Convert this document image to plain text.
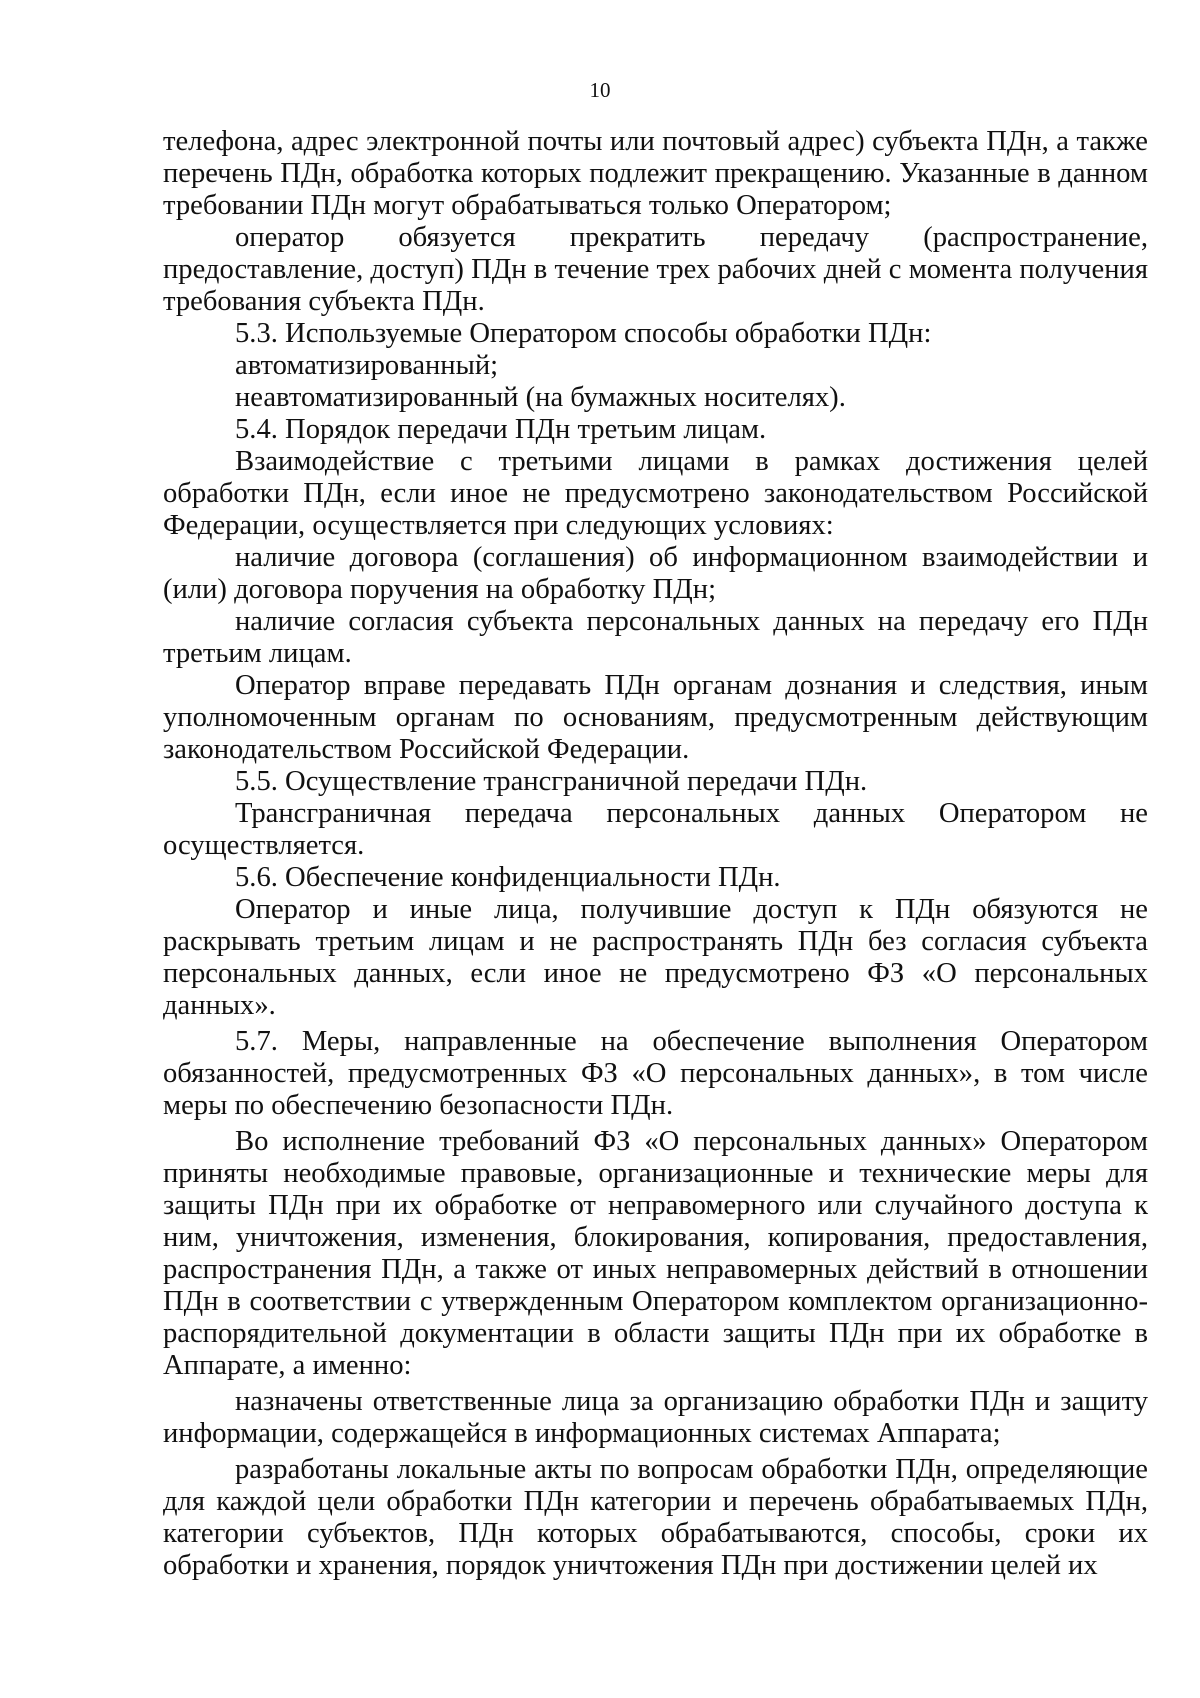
10

телефона, адрес электронной почты или почтовый адрес) субъекта ПДн, а также перечень ПДн, обработка которых подлежит прекращению. Указанные в данном требовании ПДн могут обрабатываться только Оператором;

оператор обязуется прекратить передачу (распространение, предоставление, доступ) ПДн в течение трех рабочих дней с момента получения требования субъекта ПДн.

5.3. Используемые Оператором способы обработки ПДн:

автоматизированный;

неавтоматизированный (на бумажных носителях).

5.4. Порядок передачи ПДн третьим лицам.

Взаимодействие с третьими лицами в рамках достижения целей обработки ПДн, если иное не предусмотрено законодательством Российской Федерации, осуществляется при следующих условиях:

наличие договора (соглашения) об информационном взаимодействии и (или) договора поручения на обработку ПДн;

наличие согласия субъекта персональных данных на передачу его ПДн третьим лицам.

Оператор вправе передавать ПДн органам дознания и следствия, иным уполномоченным органам по основаниям, предусмотренным действующим законодательством Российской Федерации.

5.5. Осуществление трансграничной передачи ПДн.

Трансграничная передача персональных данных Оператором не осуществляется.

5.6. Обеспечение конфиденциальности ПДн.

Оператор и иные лица, получившие доступ к ПДн обязуются не раскрывать третьим лицам и не распространять ПДн без согласия субъекта персональных данных, если иное не предусмотрено ФЗ «О персональных данных».

5.7. Меры, направленные на обеспечение выполнения Оператором обязанностей, предусмотренных ФЗ «О персональных данных», в том числе меры по обеспечению безопасности ПДн.

Во исполнение требований ФЗ «О персональных данных» Оператором приняты необходимые правовые, организационные и технические меры для защиты ПДн при их обработке от неправомерного или случайного доступа к ним, уничтожения, изменения, блокирования, копирования, предоставления, распространения ПДн, а также от иных неправомерных действий в отношении ПДн в соответствии с утвержденным Оператором комплектом организационно-распорядительной документации в области защиты ПДн при их обработке в Аппарате, а именно:

назначены ответственные лица за организацию обработки ПДн и защиту информации, содержащейся в информационных системах Аппарата;

разработаны локальные акты по вопросам обработки ПДн, определяющие для каждой цели обработки ПДн категории и перечень обрабатываемых ПДн, категории субъектов, ПДн которых обрабатываются, способы, сроки их обработки и хранения, порядок уничтожения ПДн при достижении целей их
